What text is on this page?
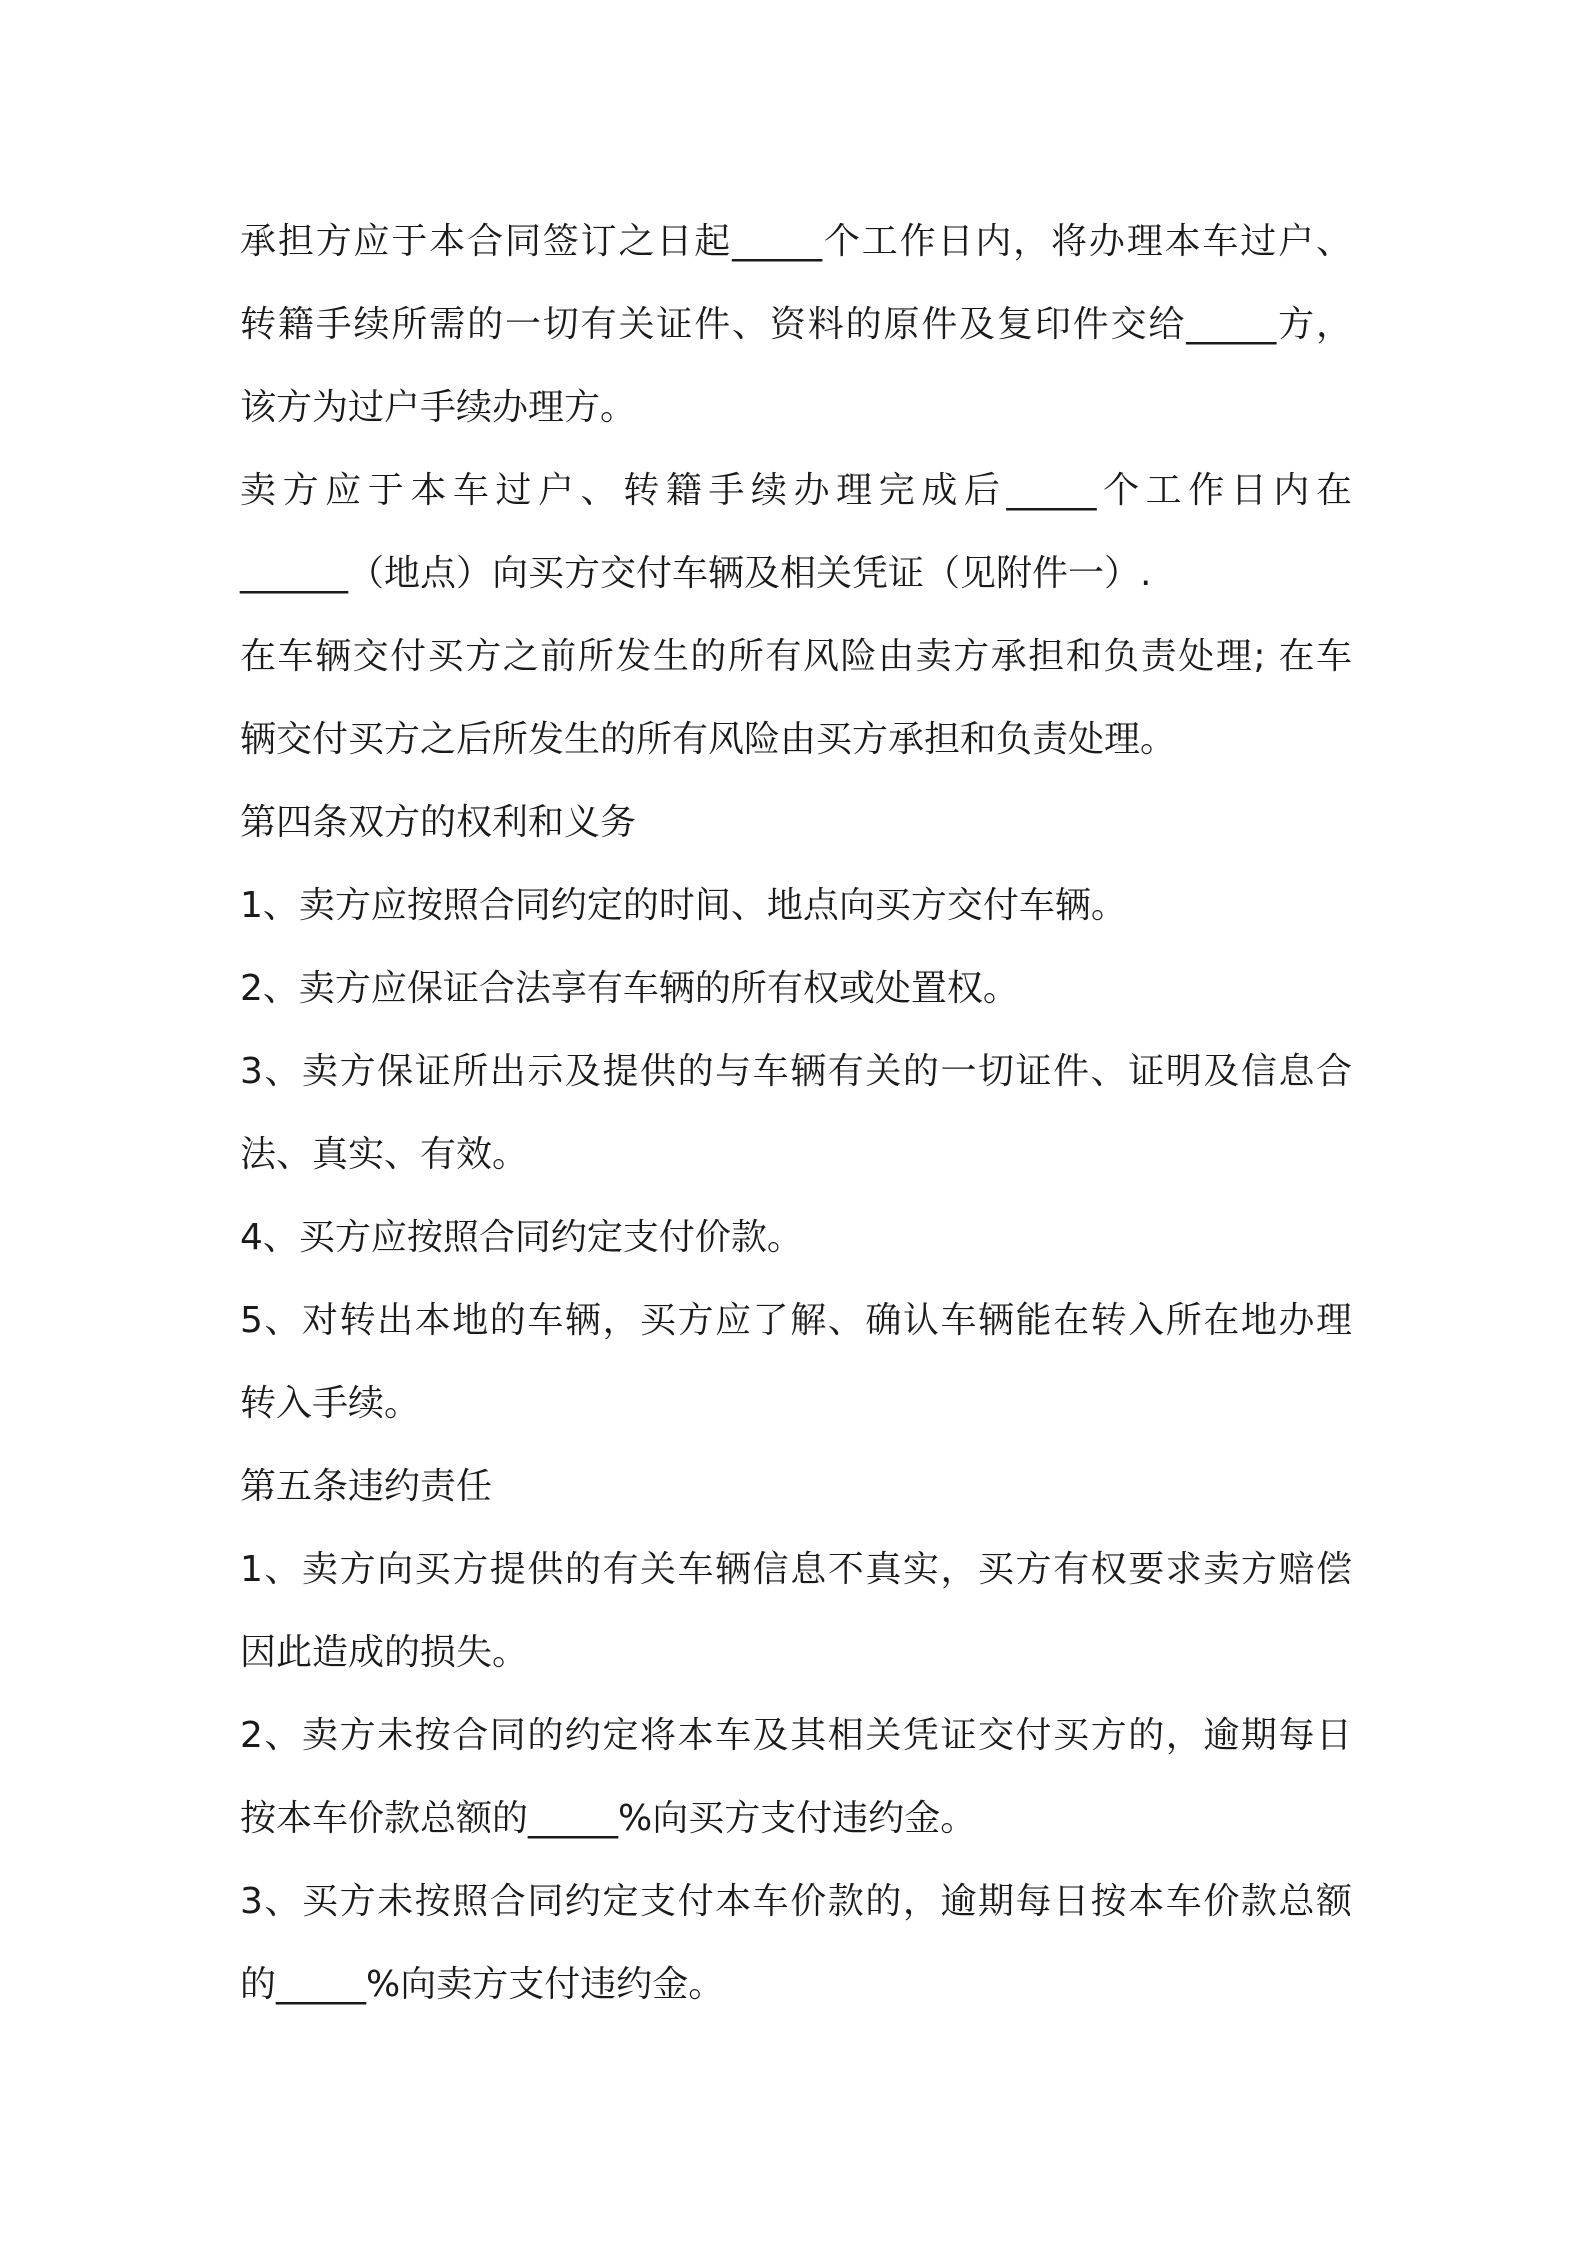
承担方应于本合同签订之日起_____个工作日内，将办理本车过户、

转籍手续所需的一切有关证件、资料的原件及复印件交给_____方，

该方为过户手续办理方。

卖方应于本车过户、转籍手续办理完成后_____个工作日内在

______（地点）向买方交付车辆及相关凭证（见附件一）.

在车辆交付买方之前所发生的所有风险由卖方承担和负责处理; 在车

辆交付买方之后所发生的所有风险由买方承担和负责处理。

第四条双方的权利和义务

1、卖方应按照合同约定的时间、地点向买方交付车辆。

2、卖方应保证合法享有车辆的所有权或处置权。

3、卖方保证所出示及提供的与车辆有关的一切证件、证明及信息合

法、真实、有效。

4、买方应按照合同约定支付价款。

5、对转出本地的车辆，买方应了解、确认车辆能在转入所在地办理

转入手续。

第五条违约责任

1、卖方向买方提供的有关车辆信息不真实，买方有权要求卖方赔偿

因此造成的损失。

2、卖方未按合同的约定将本车及其相关凭证交付买方的，逾期每日

按本车价款总额的_____%向买方支付违约金。

3、买方未按照合同约定支付本车价款的，逾期每日按本车价款总额

的_____%向卖方支付违约金。
